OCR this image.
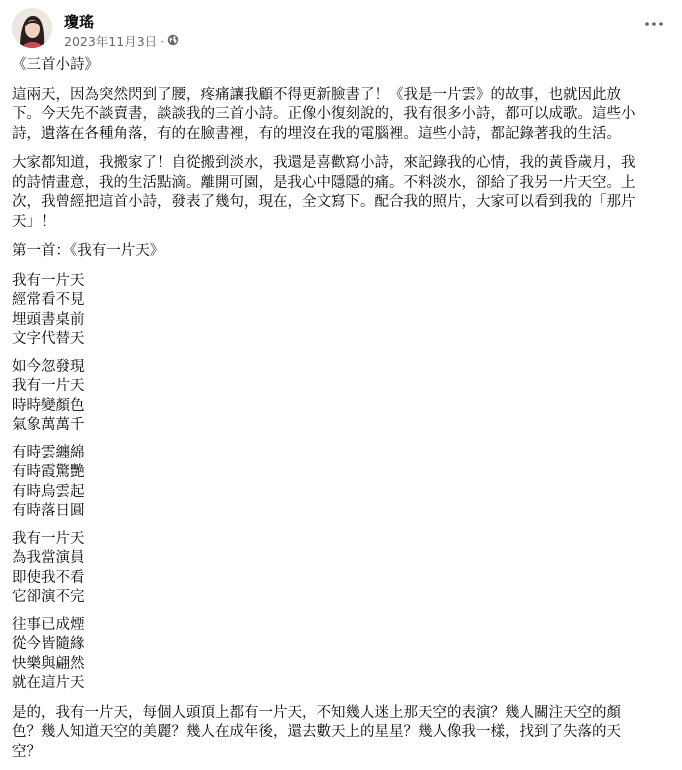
瓊瑤
2023年11月3日 ·

《三首小詩》

這兩天，因為突然閃到了腰，疼痛讓我顧不得更新臉書了！《我是一片雲》的故事，也就因此放

下。今天先不談賣書，談談我的三首小詩。正像小復刻說的，我有很多小詩，都可以成歌。這些小

詩，遺落在各種角落，有的在臉書裡，有的埋沒在我的電腦裡。這些小詩，都記錄著我的生活。

大家都知道，我搬家了！自從搬到淡水，我還是喜歡寫小詩，來記錄我的心情，我的黃昏歲月，我

的詩情畫意，我的生活點滴。離開可園，是我心中隱隱的痛。不料淡水，卻給了我另一片天空。上

次，我曾經把這首小詩，發表了幾句，現在，全文寫下。配合我的照片，大家可以看到我的「那片

天」！

第一首：《我有一片天》

我有一片天

經常看不見

埋頭書桌前

文字代替天

如今忽發現

我有一片天

時時變顏色

氣象萬萬千

有時雲纏綿

有時霞驚艷

有時烏雲起

有時落日圓

我有一片天

為我當演員

即使我不看

它卻演不完

往事已成煙

從今皆隨緣

快樂與翩然

就在這片天

是的，我有一片天，每個人頭頂上都有一片天，不知幾人迷上那天空的表演？幾人關注天空的顏

色？幾人知道天空的美麗？幾人在成年後，還去數天上的星星？幾人像我一樣，找到了失落的天

空？
